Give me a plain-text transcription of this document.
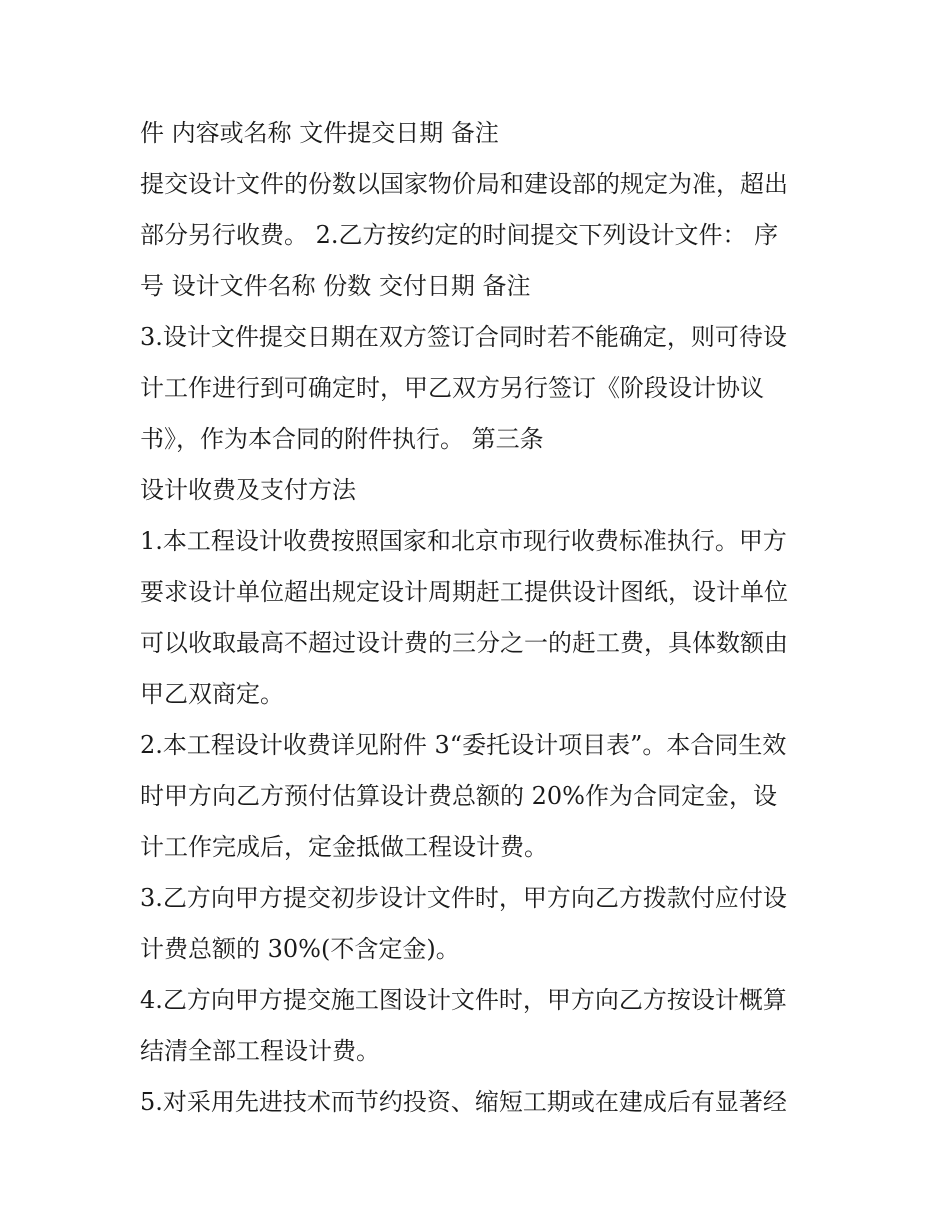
件 内容或名称 文件提交日期 备注
提交设计文件的份数以国家物价局和建设部的规定为准，超出
部分另行收费。 2.乙方按约定的时间提交下列设计文件： 序
号 设计文件名称 份数 交付日期 备注
3.设计文件提交日期在双方签订合同时若不能确定，则可待设
计工作进行到可确定时，甲乙双方另行签订《阶段设计协议
书》，作为本合同的附件执行。 第三条
设计收费及支付方法
1.本工程设计收费按照国家和北京市现行收费标准执行。甲方
要求设计单位超出规定设计周期赶工提供设计图纸，设计单位
可以收取最高不超过设计费的三分之一的赶工费，具体数额由
甲乙双商定。
2.本工程设计收费详见附件 3“委托设计项目表”。本合同生效
时甲方向乙方预付估算设计费总额的 20%作为合同定金，设
计工作完成后，定金抵做工程设计费。
3.乙方向甲方提交初步设计文件时，甲方向乙方拨款付应付设
计费总额的 30%(不含定金)。
4.乙方向甲方提交施工图设计文件时，甲方向乙方按设计概算
结清全部工程设计费。
5.对采用先进技术而节约投资、缩短工期或在建成后有显著经
